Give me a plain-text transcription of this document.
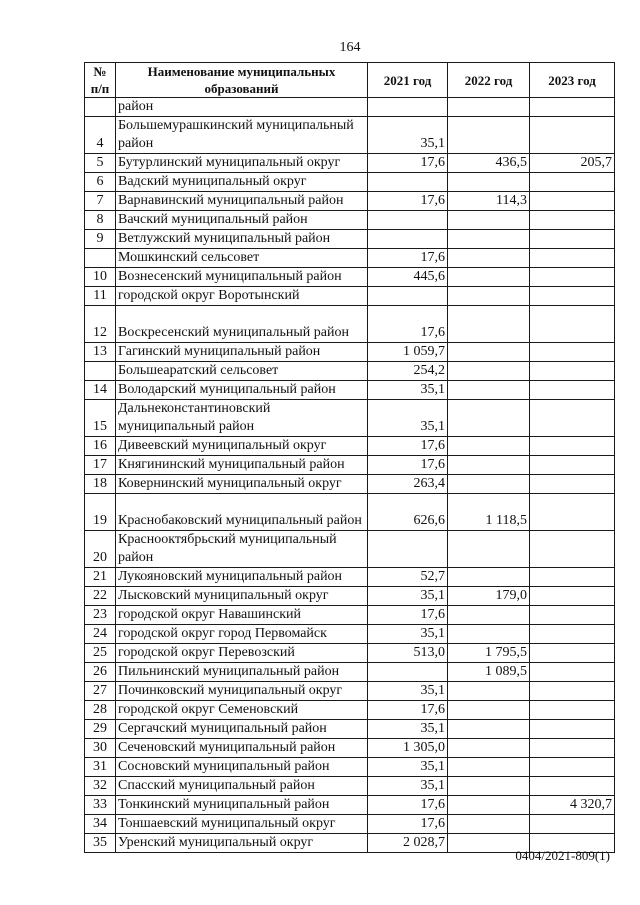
164
№ п/п	Наименование муниципальных образований	2021 год	2022 год	2023 год
	район			
4	Большемурашкинский муниципальный район	35,1		
5	Бутурлинский муниципальный округ	17,6	436,5	205,7
6	Вадский муниципальный округ			
7	Варнавинский муниципальный район	17,6	114,3	
8	Вачский муниципальный район			
9	Ветлужский муниципальный район			
	Мошкинский сельсовет	17,6		
10	Вознесенский муниципальный район	445,6		
11	городской округ Воротынский			
12	Воскресенский муниципальный район	17,6		
13	Гагинский муниципальный район	1 059,7		
	Большеаратский сельсовет	254,2		
14	Володарский муниципальный район	35,1		
15	Дальнеконстантиновский муниципальный район	35,1		
16	Дивеевский муниципальный округ	17,6		
17	Княгининский муниципальный район	17,6		
18	Ковернинский муниципальный округ	263,4		
19	Краснобаковский муниципальный район	626,6	1 118,5	
20	Краснооктябрьский муниципальный район			
21	Лукояновский муниципальный район	52,7		
22	Лысковский муниципальный округ	35,1	179,0	
23	городской округ Навашинский	17,6		
24	городской округ город Первомайск	35,1		
25	городской округ Перевозский	513,0	1 795,5	
26	Пильнинский муниципальный район		1 089,5	
27	Починковский муниципальный округ	35,1		
28	городской округ Семеновский	17,6		
29	Сергачский муниципальный район	35,1		
30	Сеченовский муниципальный район	1 305,0		
31	Сосновский муниципальный район	35,1		
32	Спасский муниципальный район	35,1		
33	Тонкинский муниципальный район	17,6		4 320,7
34	Тоншаевский муниципальный округ	17,6		
35	Уренский муниципальный округ	2 028,7		
0404/2021-809(1)
